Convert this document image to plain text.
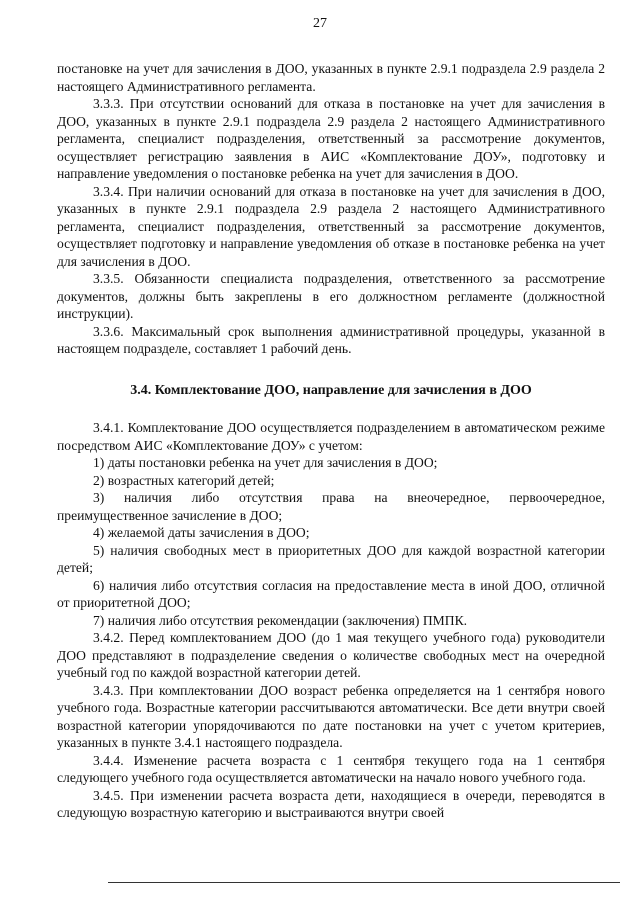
27

постановке на учет для зачисления в ДОО, указанных в пункте 2.9.1 подраздела 2.9 раздела 2 настоящего Административного регламента.

3.3.3. При отсутствии оснований для отказа в постановке на учет для зачисления в ДОО, указанных в пункте 2.9.1 подраздела 2.9 раздела 2 настоящего Административного регламента, специалист подразделения, ответственный за рассмотрение документов, осуществляет регистрацию заявления в АИС «Комплектование ДОУ», подготовку и направление уведомления о постановке ребенка на учет для зачисления в ДОО.

3.3.4. При наличии оснований для отказа в постановке на учет для зачисления в ДОО, указанных в пункте 2.9.1 подраздела 2.9 раздела 2 настоящего Административного регламента, специалист подразделения, ответственный за рассмотрение документов, осуществляет подготовку и направление уведомления об отказе в постановке ребенка на учет для зачисления в ДОО.

3.3.5. Обязанности специалиста подразделения, ответственного за рассмотрение документов, должны быть закреплены в его должностном регламенте (должностной инструкции).

3.3.6. Максимальный срок выполнения административной процедуры, указанной в настоящем подразделе, составляет 1 рабочий день.

3.4. Комплектование ДОО, направление для зачисления в ДОО

3.4.1. Комплектование ДОО осуществляется подразделением в автоматическом режиме посредством АИС «Комплектование ДОУ» с учетом:

1) даты постановки ребенка на учет для зачисления в ДОО;

2) возрастных категорий детей;

3) наличия либо отсутствия права на внеочередное, первоочередное, преимущественное зачисление в ДОО;

4) желаемой даты зачисления в ДОО;

5) наличия свободных мест в приоритетных ДОО для каждой возрастной категории детей;

6) наличия либо отсутствия согласия на предоставление места в иной ДОО, отличной от приоритетной ДОО;

7) наличия либо отсутствия рекомендации (заключения) ПМПК.

3.4.2. Перед комплектованием ДОО (до 1 мая текущего учебного года) руководители ДОО представляют в подразделение сведения о количестве свободных мест на очередной учебный год по каждой возрастной категории детей.

3.4.3. При комплектовании ДОО возраст ребенка определяется на 1 сентября нового учебного года. Возрастные категории рассчитываются автоматически. Все дети внутри своей возрастной категории упорядочиваются по дате постановки на учет с учетом критериев, указанных в пункте 3.4.1 настоящего подраздела.

3.4.4. Изменение расчета возраста с 1 сентября текущего года на 1 сентября следующего учебного года осуществляется автоматически на начало нового учебного года.

3.4.5. При изменении расчета возраста дети, находящиеся в очереди, переводятся в следующую возрастную категорию и выстраиваются внутри своей
